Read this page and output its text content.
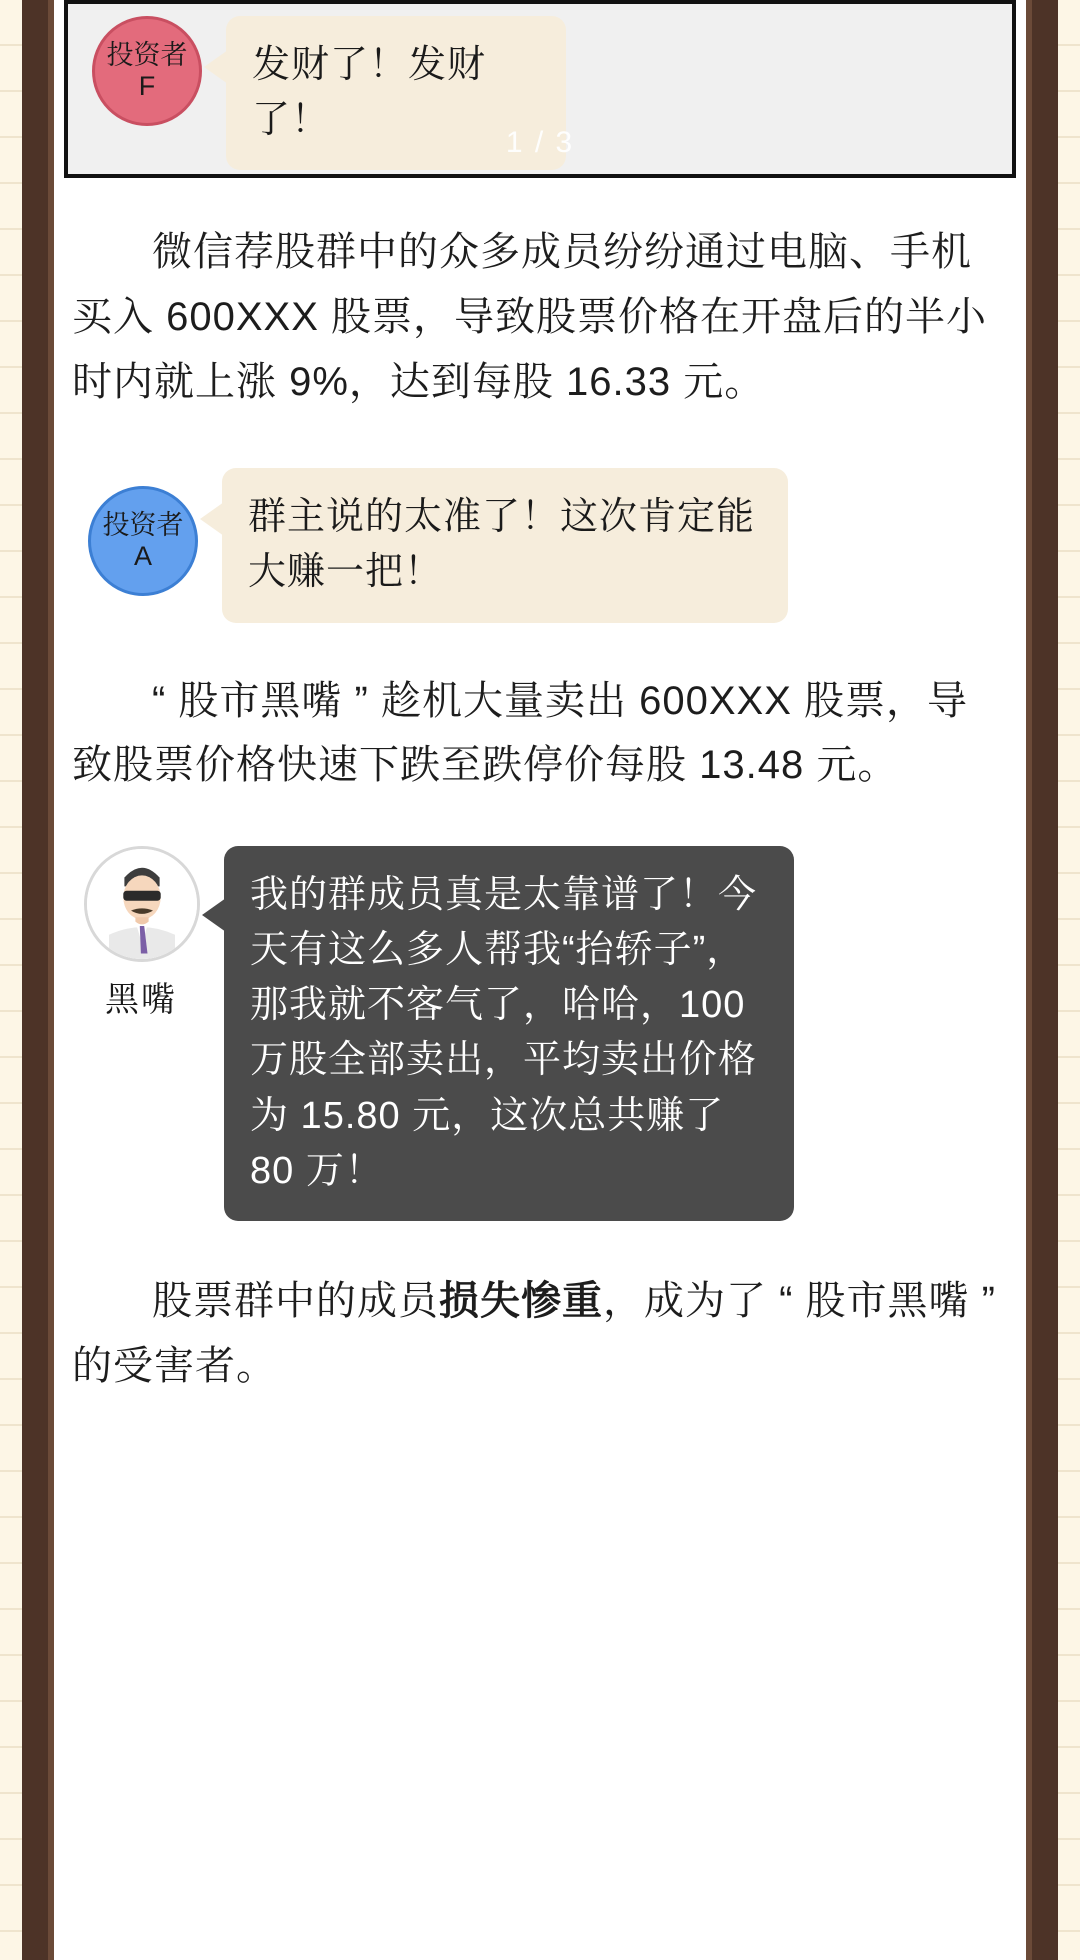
投资者
F	发财了！发财了！
1 / 3

微信荐股群中的众多成员纷纷通过电脑、手机买入 600XXX 股票，导致股票价格在开盘后的半小时内就上涨 9%，达到每股 16.33 元。

投资者
A
群主说的太准了！这次肯定能大赚一把！

“ 股市黑嘴 ” 趁机大量卖出 600XXX 股票，导致股票价格快速下跌至跌停价每股 13.48 元。

黑嘴
我的群成员真是太靠谱了！今天有这么多人帮我“抬轿子”，那我就不客气了，哈哈，100 万股全部卖出，平均卖出价格为 15.80 元，这次总共赚了 80 万！

股票群中的成员损失惨重，成为了 “ 股市黑嘴 ” 的受害者。
